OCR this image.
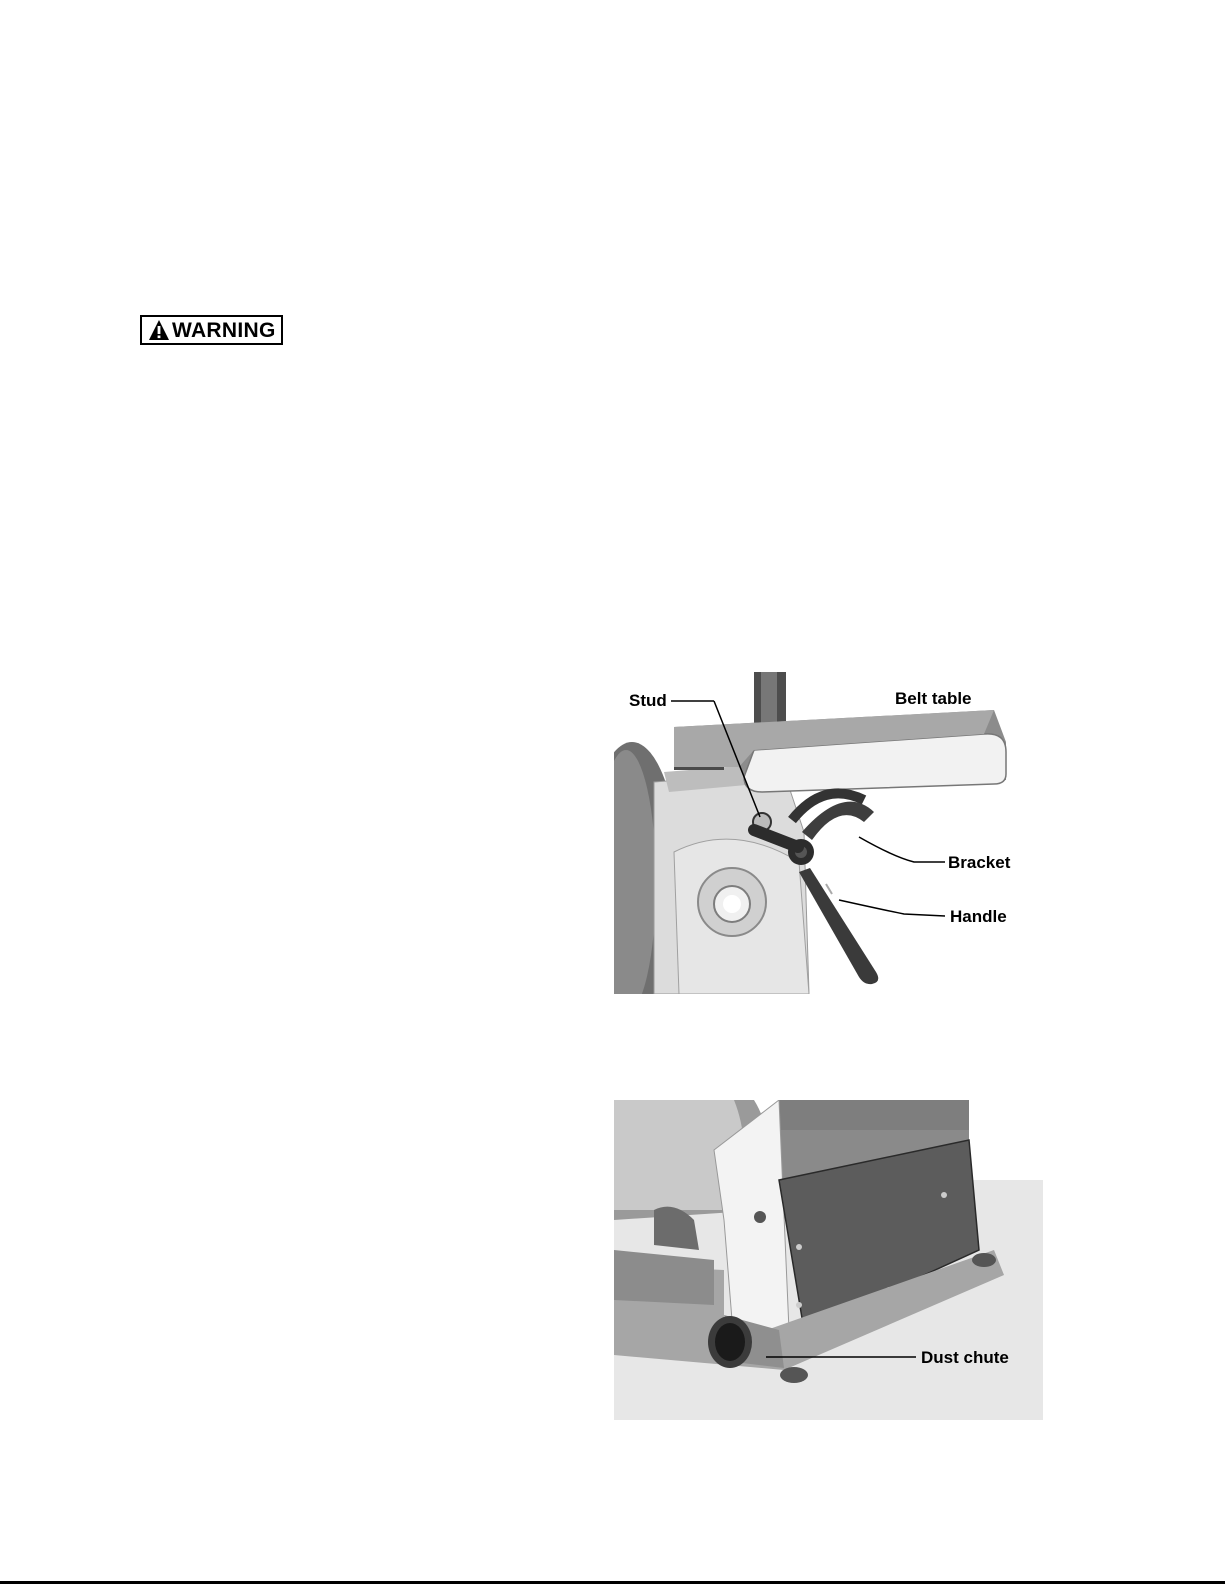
WARNING
Stud	Belt table
Bracket
Handle
Dust chute
